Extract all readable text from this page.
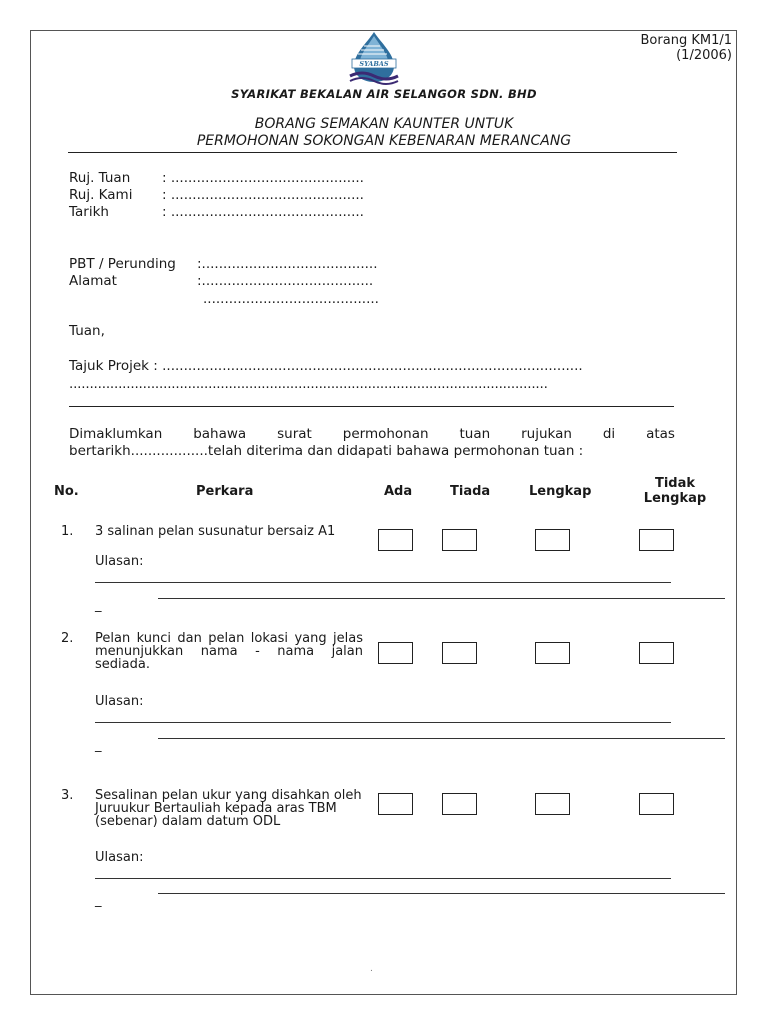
Borang KM1/1
(1/2006)
SYABAS
SYARIKAT BEKALAN AIR SELANGOR SDN. BHD
BORANG SEMAKAN KAUNTER UNTUK
PERMOHONAN SOKONGAN KEBENARAN MERANCANG
Ruj. Tuan : .............................................
Ruj. Kami : .............................................
Tarikh	: .............................................
PBT / Perunding :.........................................
Alamat	:........................................
.........................................
Tuan,
Tajuk Projek : ..................................................................................................
.....................................................................................................................
Dimaklumkan bahawa surat permohonan tuan rujukan di atas
bertarikh..................telah diterima dan didapati bahawa permohonan tuan :
No.	Perkara	Ada	Tiada	Lengkap
Tidak
Lengkap
1. 3 salinan pelan susunatur bersaiz A1
Ulasan:
_
2. Pelan kunci dan pelan lokasi yang jelas menunjukkan nama - nama jalan sediada.
Ulasan:
_
3. Sesalinan pelan ukur yang disahkan oleh Juruukur Bertauliah kepada aras TBM (sebenar) dalam datum ODL
Ulasan:
_
.
